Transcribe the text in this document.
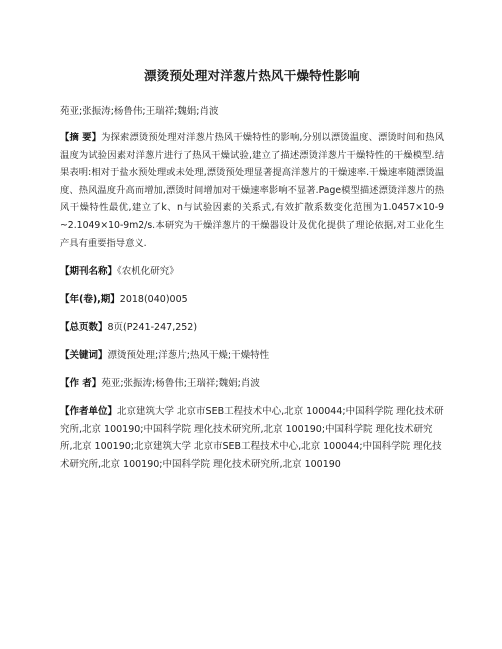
漂烫预处理对洋葱片热风干燥特性影响
苑亚;张振涛;杨鲁伟;王瑞祥;魏娟;肖波
【摘 要】为探索漂烫预处理对洋葱片热风干燥特性的影响,分别以漂烫温度、漂烫时间和热风温度为试验因素对洋葱片进行了热风干燥试验,建立了描述漂烫洋葱片干燥特性的干燥模型.结果表明:相对于盐水预处理或未处理,漂烫预处理显著提高洋葱片的干燥速率.干燥速率随漂烫温度、热风温度升高而增加,漂烫时间增加对干燥速率影响不显著.Page模型描述漂烫洋葱片的热风干燥特性最优,建立了k、n与试验因素的关系式,有效扩散系数变化范围为1.0457×10-9 ~2.1049×10-9m2/s.本研究为干燥洋葱片的干燥器设计及优化提供了理论依据,对工业化生产具有重要指导意义.
【期刊名称】《农机化研究》
【年(卷),期】2018(040)005
【总页数】8页(P241-247,252)
【关键词】漂烫预处理;洋葱片;热风干燥;干燥特性
【作 者】苑亚;张振涛;杨鲁伟;王瑞祥;魏娟;肖波
【作者单位】北京建筑大学 北京市SEB工程技术中心,北京 100044;中国科学院 理化技术研究所,北京 100190;中国科学院 理化技术研究所,北京 100190;中国科学院 理化技术研究所,北京 100190;北京建筑大学 北京市SEB工程技术中心,北京 100044;中国科学院 理化技术研究所,北京 100190;中国科学院 理化技术研究所,北京 100190
